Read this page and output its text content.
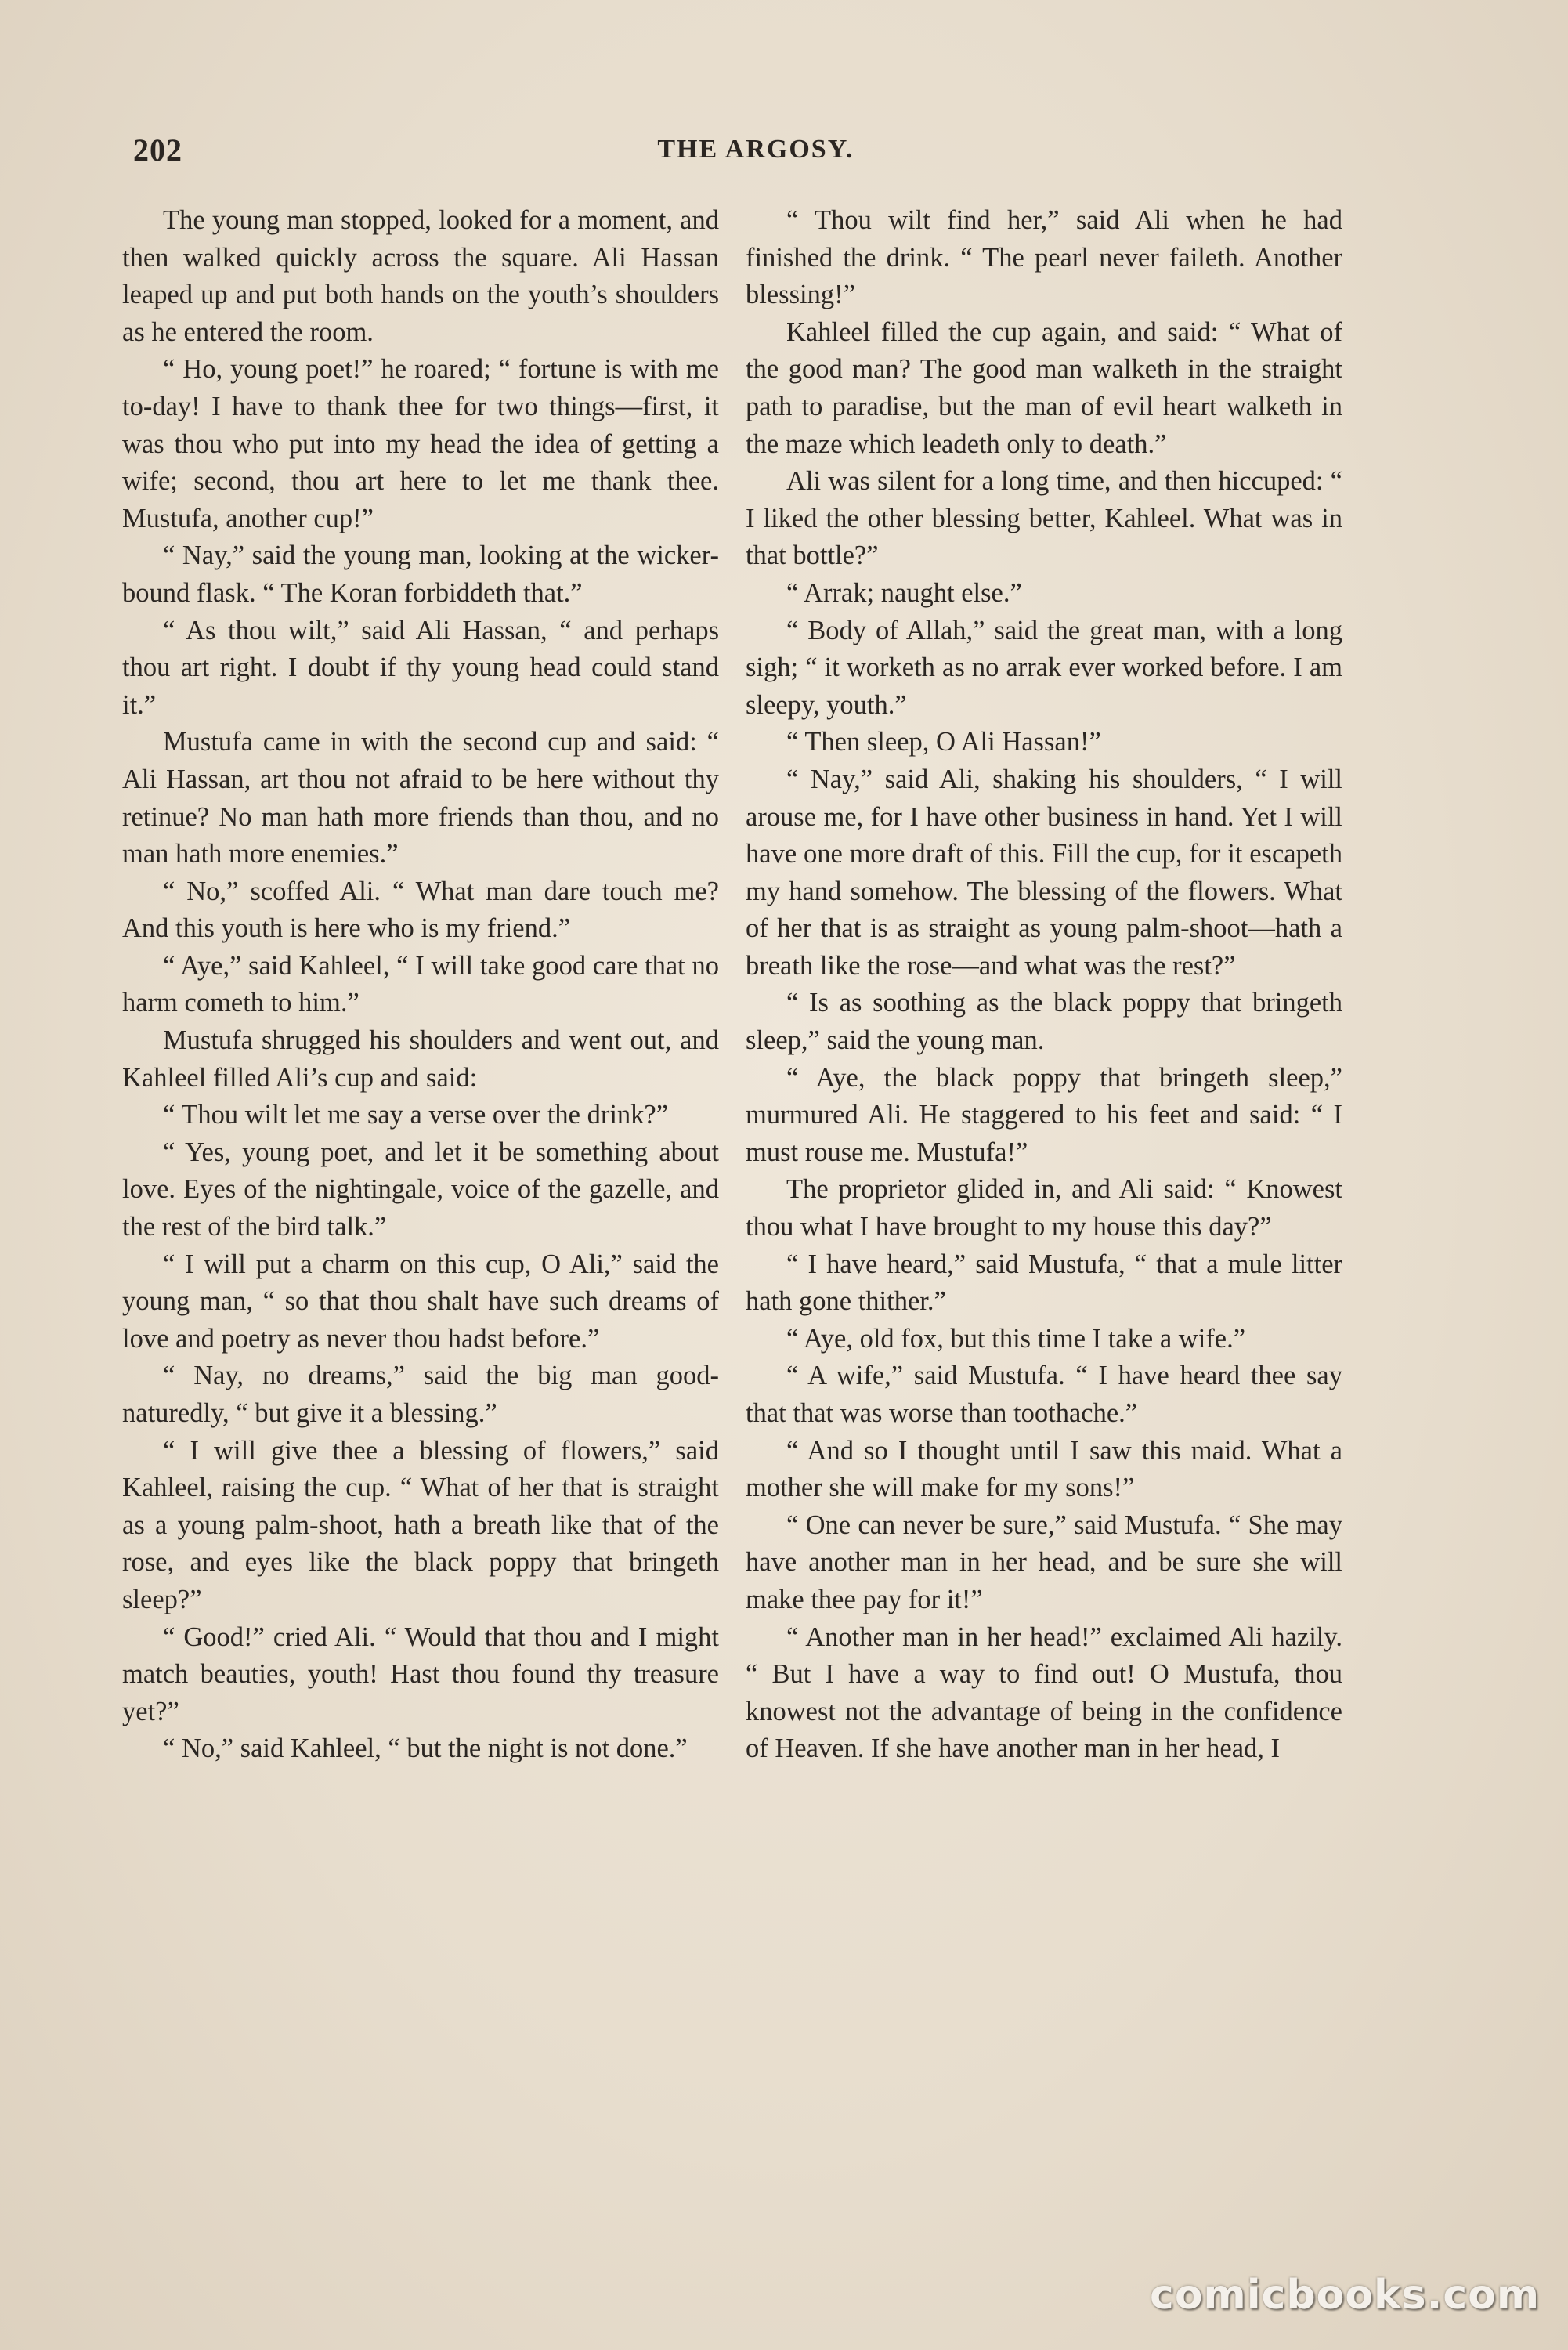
202	THE ARGOSY.

The young man stopped, looked for a moment, and then walked quickly across the square. Ali Hassan leaped up and put both hands on the youth’s shoulders as he entered the room.

“ Ho, young poet!” he roared; “ fortune is with me to-day! I have to thank thee for two things—first, it was thou who put into my head the idea of getting a wife; second, thou art here to let me thank thee. Mustufa, another cup!”

“ Nay,” said the young man, looking at the wicker-bound flask. “ The Koran forbiddeth that.”

“ As thou wilt,” said Ali Hassan, “ and perhaps thou art right. I doubt if thy young head could stand it.”

Mustufa came in with the second cup and said: “ Ali Hassan, art thou not afraid to be here without thy retinue? No man hath more friends than thou, and no man hath more enemies.”

“ No,” scoffed Ali. “ What man dare touch me? And this youth is here who is my friend.”

“ Aye,” said Kahleel, “ I will take good care that no harm cometh to him.”

Mustufa shrugged his shoulders and went out, and Kahleel filled Ali’s cup and said:

“ Thou wilt let me say a verse over the drink?”

“ Yes, young poet, and let it be something about love. Eyes of the nightingale, voice of the gazelle, and the rest of the bird talk.”

“ I will put a charm on this cup, O Ali,” said the young man, “ so that thou shalt have such dreams of love and poetry as never thou hadst before.”

“ Nay, no dreams,” said the big man good-naturedly, “ but give it a blessing.”

“ I will give thee a blessing of flowers,” said Kahleel, raising the cup. “ What of her that is straight as a young palm-shoot, hath a breath like that of the rose, and eyes like the black poppy that bringeth sleep?”

“ Good!” cried Ali. “ Would that thou and I might match beauties, youth! Hast thou found thy treasure yet?”

“ No,” said Kahleel, “ but the night is not done.”

“ Thou wilt find her,” said Ali when he had finished the drink. “ The pearl never faileth. Another blessing!”

Kahleel filled the cup again, and said: “ What of the good man? The good man walketh in the straight path to paradise, but the man of evil heart walketh in the maze which leadeth only to death.”

Ali was silent for a long time, and then hiccuped: “ I liked the other blessing better, Kahleel. What was in that bottle?”

“ Arrak; naught else.”

“ Body of Allah,” said the great man, with a long sigh; “ it worketh as no arrak ever worked before. I am sleepy, youth.”

“ Then sleep, O Ali Hassan!”

“ Nay,” said Ali, shaking his shoulders, “ I will arouse me, for I have other business in hand. Yet I will have one more draft of this. Fill the cup, for it escapeth my hand somehow. The blessing of the flowers. What of her that is as straight as young palm-shoot—hath a breath like the rose—and what was the rest?”

“ Is as soothing as the black poppy that bringeth sleep,” said the young man.

“ Aye, the black poppy that bringeth sleep,” murmured Ali. He staggered to his feet and said: “ I must rouse me. Mustufa!”

The proprietor glided in, and Ali said: “ Knowest thou what I have brought to my house this day?”

“ I have heard,” said Mustufa, “ that a mule litter hath gone thither.”

“ Aye, old fox, but this time I take a wife.”

“ A wife,” said Mustufa. “ I have heard thee say that that was worse than toothache.”

“ And so I thought until I saw this maid. What a mother she will make for my sons!”

“ One can never be sure,” said Mustufa. “ She may have another man in her head, and be sure she will make thee pay for it!”

“ Another man in her head!” exclaimed Ali hazily. “ But I have a way to find out! O Mustufa, thou knowest not the advantage of being in the confidence of Heaven. If she have another man in her head, I

comicbooks.com
